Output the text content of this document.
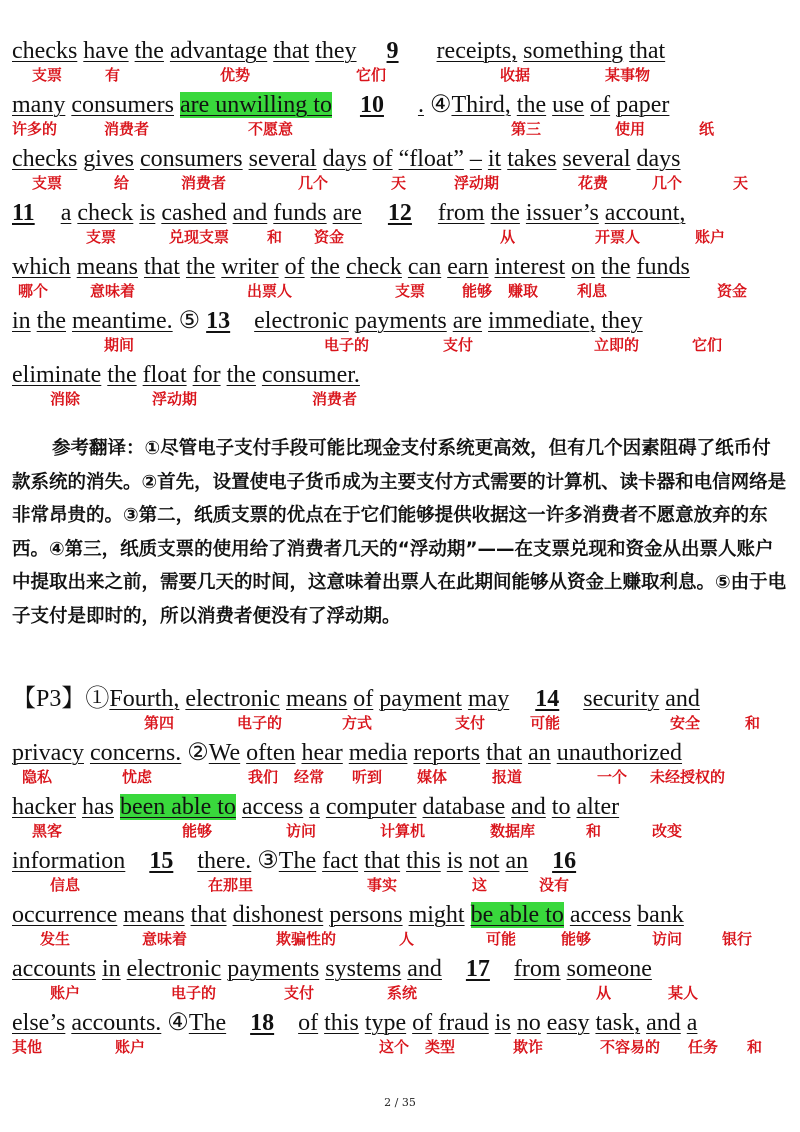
checks have the advantage that they 9 receipts, something that
支票	有	优势	它们	收据	某事物
many consumers are unwilling to 10 . ④Third, the use of paper
许多的	消费者	不愿意	第三	使用	纸
checks gives consumers several days of “float” – it takes several days
支票	给	消费者	几个	天	浮动期	花费	几个	天
11 a check is cashed and funds are 12 from the issuer’s account,
支票	兑现支票	和 资金	从	开票人	账户
which means that the writer of the check can earn interest on the funds
哪个	意味着	出票人	支票 能够 赚取	利息	资金
in the meantime. ⑤ 13 electronic payments are immediate, they
期间	电子的	支付	立即的	它们
eliminate the float for the consumer.
消除	浮动期	消费者

参考翻译：①尽管电子支付手段可能比现金支付系统更高效，但有几个因素阻碍了纸币付款系统的消失。②首先，设置使电子货币成为主要支付方式需要的计算机、读卡器和电信网络是非常昂贵的。③第二，纸质支票的优点在于它们能够提供收据这一许多消费者不愿意放弃的东西。④第三，纸质支票的使用给了消费者几天的“浮动期”——在支票兑现和资金从出票人账户中提取出来之前，需要几天的时间，这意味着出票人在此期间能够从资金上赚取利息。⑤由于电子支付是即时的，所以消费者便没有了浮动期。

【P3】①Fourth, electronic means of payment may 14 security and
第四	电子的	方式	支付	可能	安全	和
privacy concerns. ②We often hear media reports that an unauthorized
隐私	忧虑	我们 经常 听到 媒体	报道	一个 未经授权的
hacker has been able to access a computer database and to alter
黑客	能够	访问	计算机	数据库	和	改变
information 15 there. ③The fact that this is not an 16
信息	在那里	事实	这	没有
occurrence means that dishonest persons might be able to access bank
发生	意味着	欺骗性的	人	可能	能够	访问	银行
accounts in electronic payments systems and 17 from someone
账户	电子的	支付	系统	从	某人
else’s accounts. ④The 18 of this type of fraud is no easy task, and a
其他	账户	这个 类型	欺诈	不容易的 任务 和
2 / 35
